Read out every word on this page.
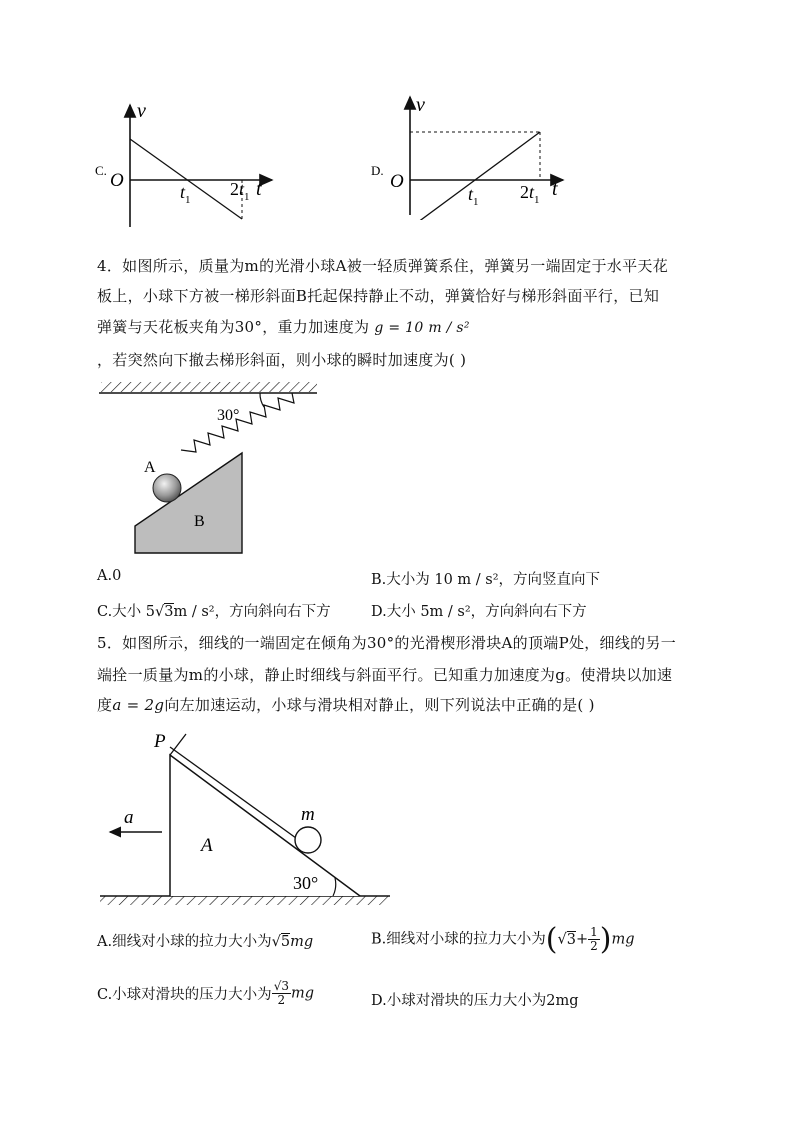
C.
v
t
O
$t_1$
$2t_1$
D.
v
t
O
$t_1$ $2t_1$
4．如图所示，质量为m的光滑小球A被一轻质弹簧系住，弹簧另一端固定于水平天花
板上，小球下方被一梯形斜面B托起保持静止不动，弹簧恰好与梯形斜面平行，已知
弹簧与天花板夹角为30°，重力加速度为 g = 10 m / s²
，若突然向下撤去梯形斜面，则小球的瞬时加速度为( )
30°
A
B
A.0	B.大小为 10 m / s²，方向竖直向下
C.大小 5√3m / s²，方向斜向右下方	D.大小 5m / s²，方向斜向右下方
5．如图所示，细线的一端固定在倾角为30°的光滑楔形滑块A的顶端P处，细线的另一
端拴一质量为m的小球，静止时细线与斜面平行。已知重力加速度为g。使滑块以加速
度a = 2g向左加速运动，小球与滑块相对静止，则下列说法中正确的是( )
P
m
A
a
30°
A.细线对小球的拉力大小为√5mg	B.细线对小球的拉力大小为$(√3+ \frac{1}{2} )mg$
C.小球对滑块的压力大小为 $\frac{√3}{2}$ mg	D.小球对滑块的压力大小为2mg
